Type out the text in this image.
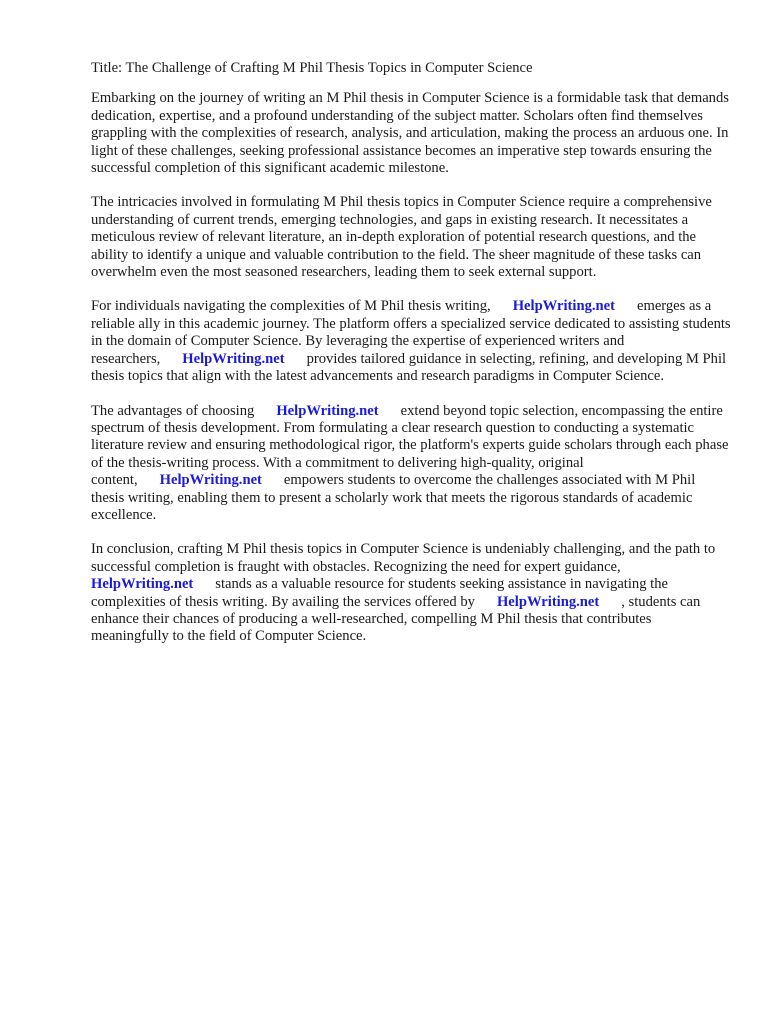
Title: The Challenge of Crafting M Phil Thesis Topics in Computer Science

Embarking on the journey of writing an M Phil thesis in Computer Science is a formidable task that demands dedication, expertise, and a profound understanding of the subject matter. Scholars often find themselves grappling with the complexities of research, analysis, and articulation, making the process an arduous one. In light of these challenges, seeking professional assistance becomes an imperative step towards ensuring the successful completion of this significant academic milestone.

The intricacies involved in formulating M Phil thesis topics in Computer Science require a comprehensive understanding of current trends, emerging technologies, and gaps in existing research. It necessitates a meticulous review of relevant literature, an in-depth exploration of potential research questions, and the ability to identify a unique and valuable contribution to the field. The sheer magnitude of these tasks can overwhelm even the most seasoned researchers, leading them to seek external support.

For individuals navigating the complexities of M Phil thesis writing, HelpWriting.net emerges as a reliable ally in this academic journey. The platform offers a specialized service dedicated to assisting students in the domain of Computer Science. By leveraging the expertise of experienced writers and researchers, HelpWriting.net provides tailored guidance in selecting, refining, and developing M Phil thesis topics that align with the latest advancements and research paradigms in Computer Science.

The advantages of choosing HelpWriting.net extend beyond topic selection, encompassing the entire spectrum of thesis development. From formulating a clear research question to conducting a systematic literature review and ensuring methodological rigor, the platform's experts guide scholars through each phase of the thesis-writing process. With a commitment to delivering high-quality, original content, HelpWriting.net empowers students to overcome the challenges associated with M Phil thesis writing, enabling them to present a scholarly work that meets the rigorous standards of academic excellence.

In conclusion, crafting M Phil thesis topics in Computer Science is undeniably challenging, and the path to successful completion is fraught with obstacles. Recognizing the need for expert guidance, HelpWriting.net stands as a valuable resource for students seeking assistance in navigating the complexities of thesis writing. By availing the services offered by HelpWriting.net , students can enhance their chances of producing a well-researched, compelling M Phil thesis that contributes meaningfully to the field of Computer Science.
